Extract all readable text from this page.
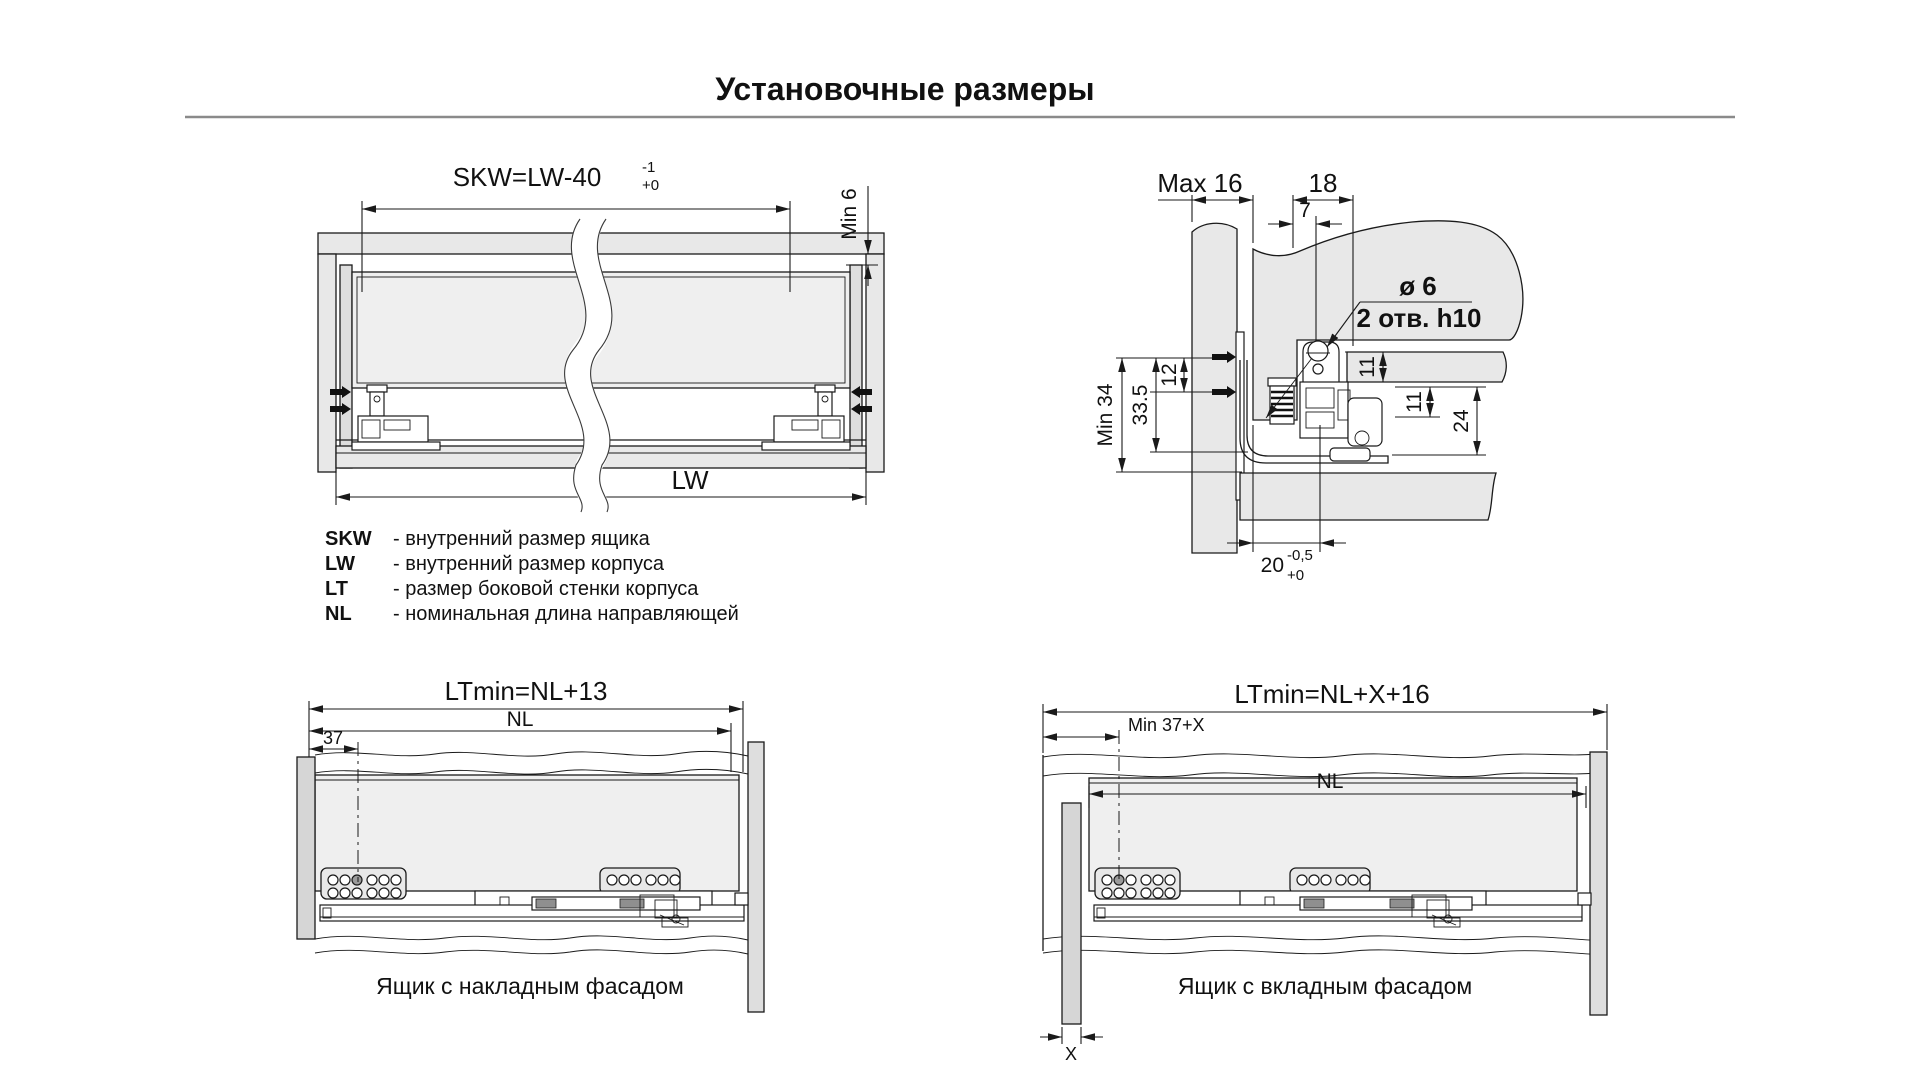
Установочные размеры
LW
SKW=LW-40	-1
+0
Min 6
SKW - внутренний размер ящика
LW - внутренний размер корпуса
LT - размер боковой стенки корпуса
NL - номинальная длина направляющей
ø 6
2 отв. h10
Max 16	18
7
12
33.5
Min 34
11
11
24
20 -0,5
+0
LTmin=NL+13
NL
37
Ящик с накладным фасадом
LTmin=NL+X+16
Min 37+X
NL
X
Ящик с вкладным фасадом
